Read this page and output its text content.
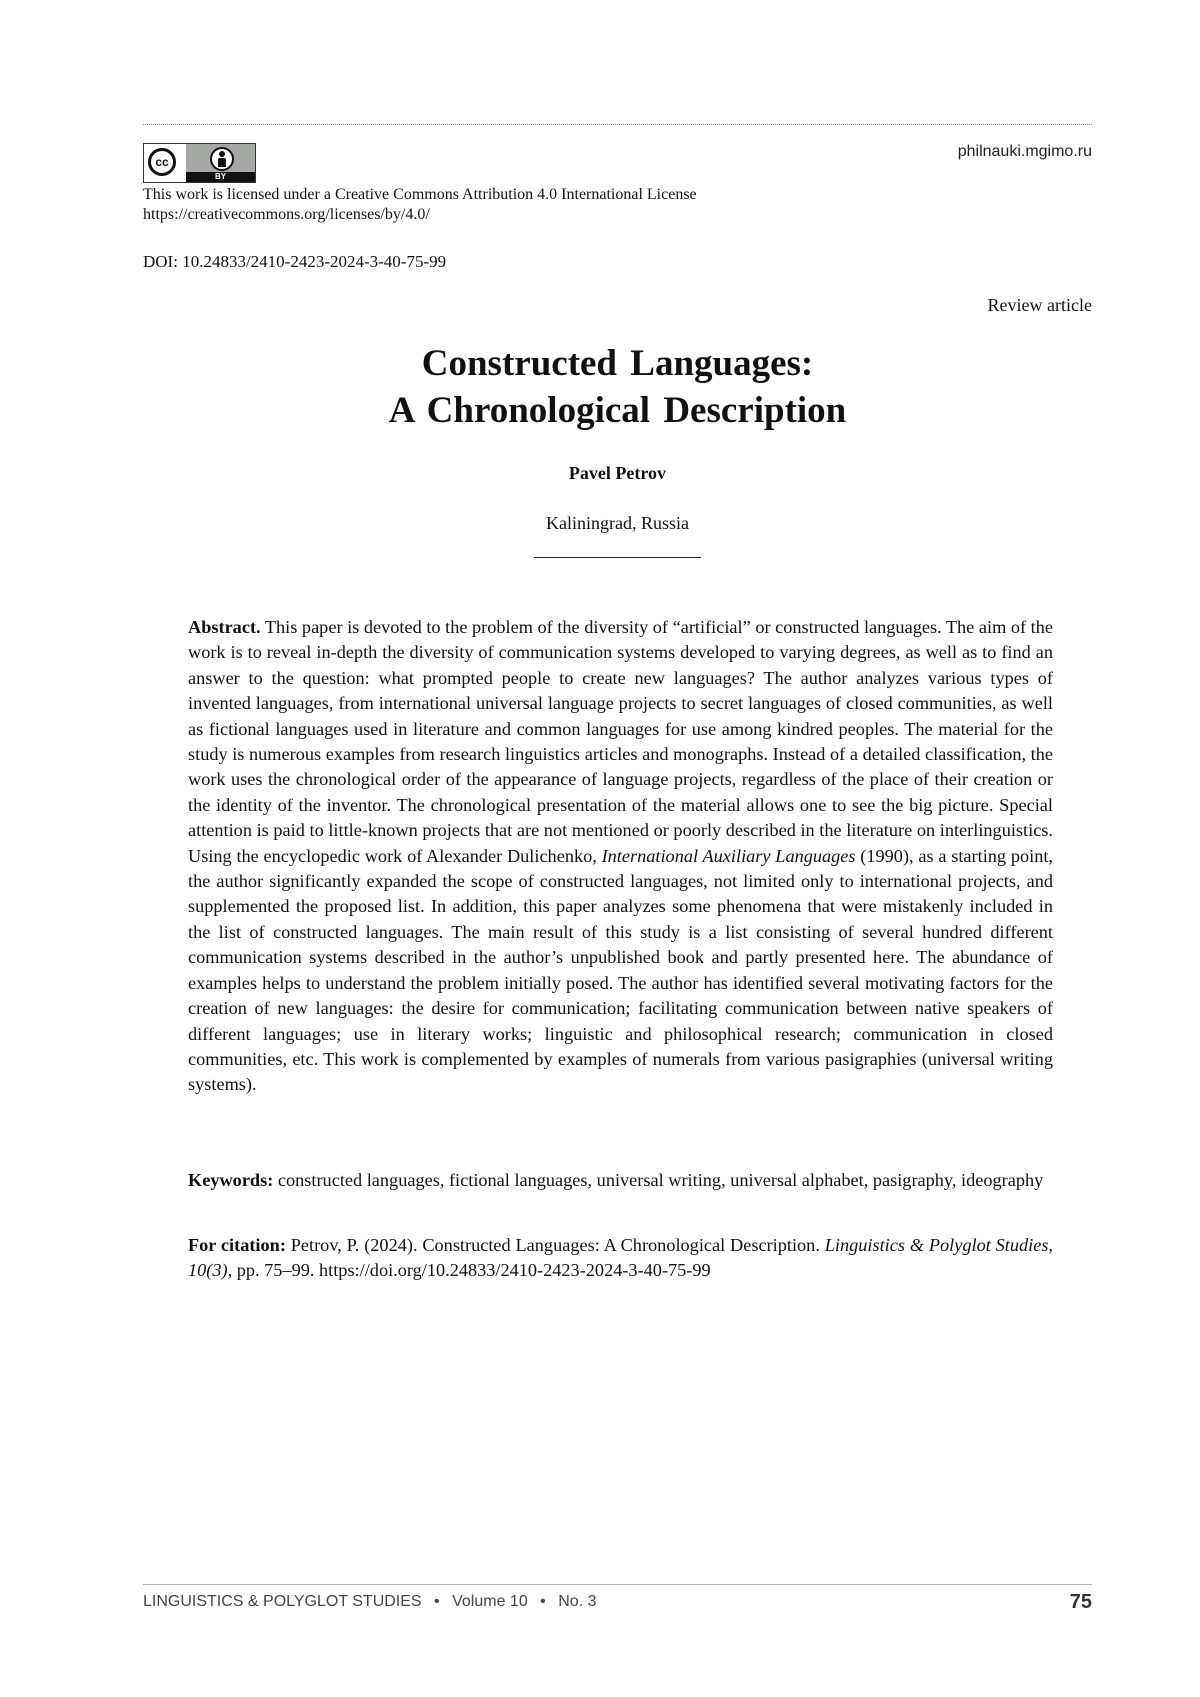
cc
BY
philnauki.mgimo.ru
This work is licensed under a Creative Commons Attribution 4.0 International License
https://creativecommons.org/licenses/by/4.0/
DOI: 10.24833/2410-2423-2024-3-40-75-99
Review article
Constructed Languages:
A Chronological Description
Pavel Petrov
Kaliningrad, Russia
Abstract. This paper is devoted to the problem of the diversity of “artificial” or constructed languages. The aim of the work is to reveal in-depth the diversity of communication systems developed to varying degrees, as well as to find an answer to the question: what prompted people to create new languages? The author analyzes various types of invented languages, from international universal language projects to secret languages of closed communities, as well as fictional languages used in literature and common languages for use among kindred peoples. The material for the study is numerous examples from research linguistics articles and monographs. Instead of a detailed classification, the work uses the chronological order of the appearance of language projects, regardless of the place of their creation or the identity of the inventor. The chronological presentation of the material allows one to see the big picture. Special attention is paid to little-known projects that are not mentioned or poorly described in the literature on interlinguistics. Using the encyclopedic work of Alexander Dulichenko, International Auxiliary Languages (1990), as a starting point, the author significantly expanded the scope of constructed languages, not limited only to international projects, and supplemented the proposed list. In addition, this paper analyzes some phenomena that were mistakenly included in the list of constructed languages. The main result of this study is a list consisting of several hundred different communication systems described in the author’s unpublished book and partly presented here. The abundance of examples helps to understand the problem initially posed. The author has identified several motivating factors for the creation of new languages: the desire for communication; facilitating communication between native speakers of different languages; use in literary works; linguistic and philosophical research; communication in closed communities, etc. This work is complemented by examples of numerals from various pasigraphies (universal writing systems).
Keywords: constructed languages, fictional languages, universal writing, universal alphabet, pasigraphy, ideography
For citation: Petrov, P. (2024). Constructed Languages: A Chronological Description. Linguistics & Polyglot Studies, 10(3), pp. 75–99. https://doi.org/10.24833/2410-2423-2024-3-40-75-99
LINGUISTICS & POLYGLOT STUDIES • Volume 10 • No. 3	75
